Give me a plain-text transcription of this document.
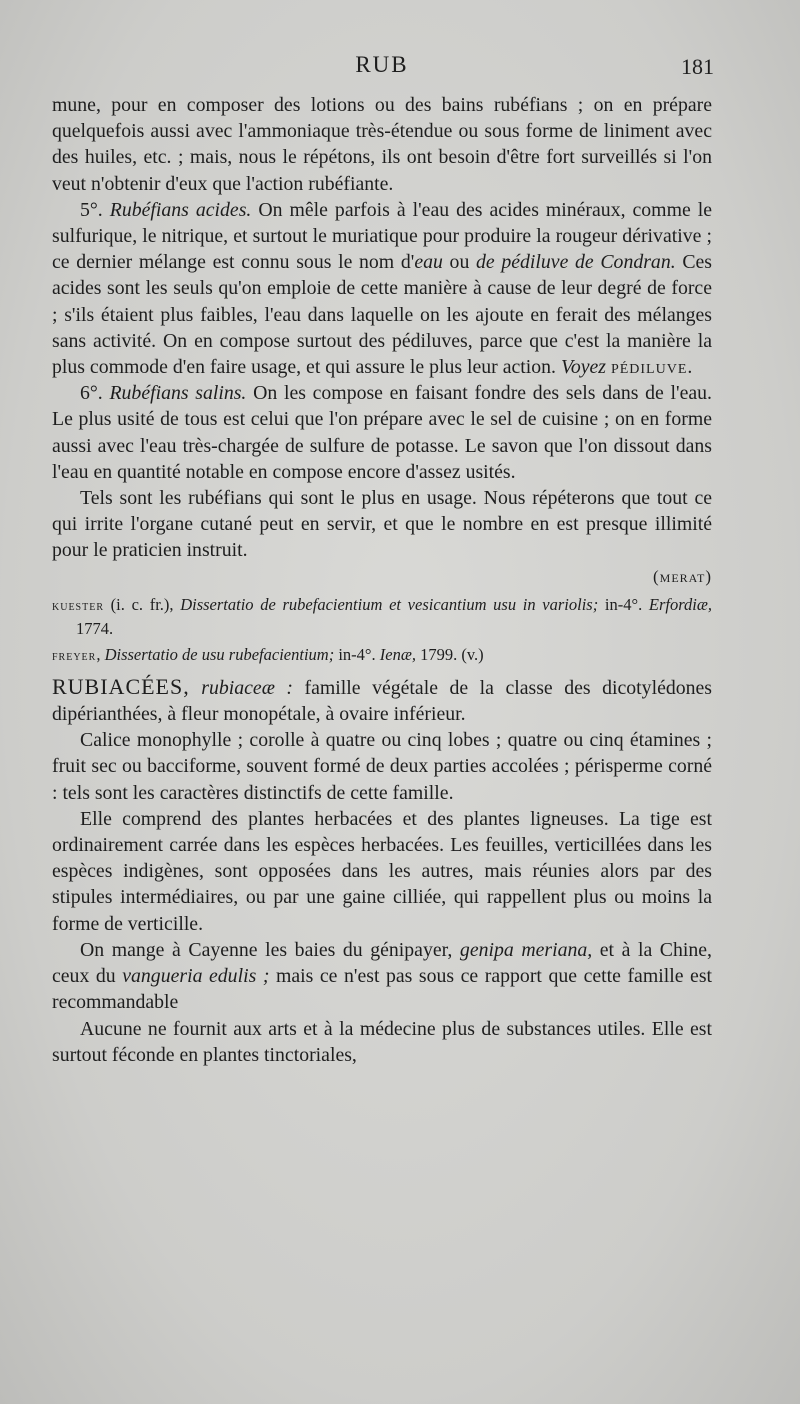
RUB	181

mune, pour en composer des lotions ou des bains rubéfians ; on en prépare quelquefois aussi avec l'ammoniaque très-étendue ou sous forme de liniment avec des huiles, etc. ; mais, nous le répétons, ils ont besoin d'être fort surveillés si l'on veut n'obtenir d'eux que l'action rubéfiante.

5°. Rubéfians acides. On mêle parfois à l'eau des acides minéraux, comme le sulfurique, le nitrique, et surtout le muriatique pour produire la rougeur dérivative ; ce dernier mélange est connu sous le nom d'eau ou de pédiluve de Condran. Ces acides sont les seuls qu'on emploie de cette manière à cause de leur degré de force ; s'ils étaient plus faibles, l'eau dans laquelle on les ajoute en ferait des mélanges sans activité. On en compose surtout des pédiluves, parce que c'est la manière la plus commode d'en faire usage, et qui assure le plus leur action. Voyez pédiluve.

6°. Rubéfians salins. On les compose en faisant fondre des sels dans de l'eau. Le plus usité de tous est celui que l'on prépare avec le sel de cuisine ; on en forme aussi avec l'eau très-chargée de sulfure de potasse. Le savon que l'on dissout dans l'eau en quantité notable en compose encore d'assez usités.

Tels sont les rubéfians qui sont le plus en usage. Nous répéterons que tout ce qui irrite l'organe cutané peut en servir, et que le nombre en est presque illimité pour le praticien instruit.

(merat)

kuester (i. c. fr.), Dissertatio de rubefacientium et vesicantium usu in variolis; in-4°. Erfordiæ, 1774.

freyer, Dissertatio de usu rubefacientium; in-4°. Ienæ, 1799. (v.)

RUBIACÉES, rubiaceæ : famille végétale de la classe des dicotylédones dipérianthées, à fleur monopétale, à ovaire inférieur.

Calice monophylle ; corolle à quatre ou cinq lobes ; quatre ou cinq étamines ; fruit sec ou bacciforme, souvent formé de deux parties accolées ; périsperme corné : tels sont les caractères distinctifs de cette famille.

Elle comprend des plantes herbacées et des plantes ligneuses. La tige est ordinairement carrée dans les espèces herbacées. Les feuilles, verticillées dans les espèces indigènes, sont opposées dans les autres, mais réunies alors par des stipules intermédiaires, ou par une gaine cilliée, qui rappellent plus ou moins la forme de verticille.

On mange à Cayenne les baies du génipayer, genipa meriana, et à la Chine, ceux du vangueria edulis ; mais ce n'est pas sous ce rapport que cette famille est recommandable

Aucune ne fournit aux arts et à la médecine plus de substances utiles. Elle est surtout féconde en plantes tinctoriales,
